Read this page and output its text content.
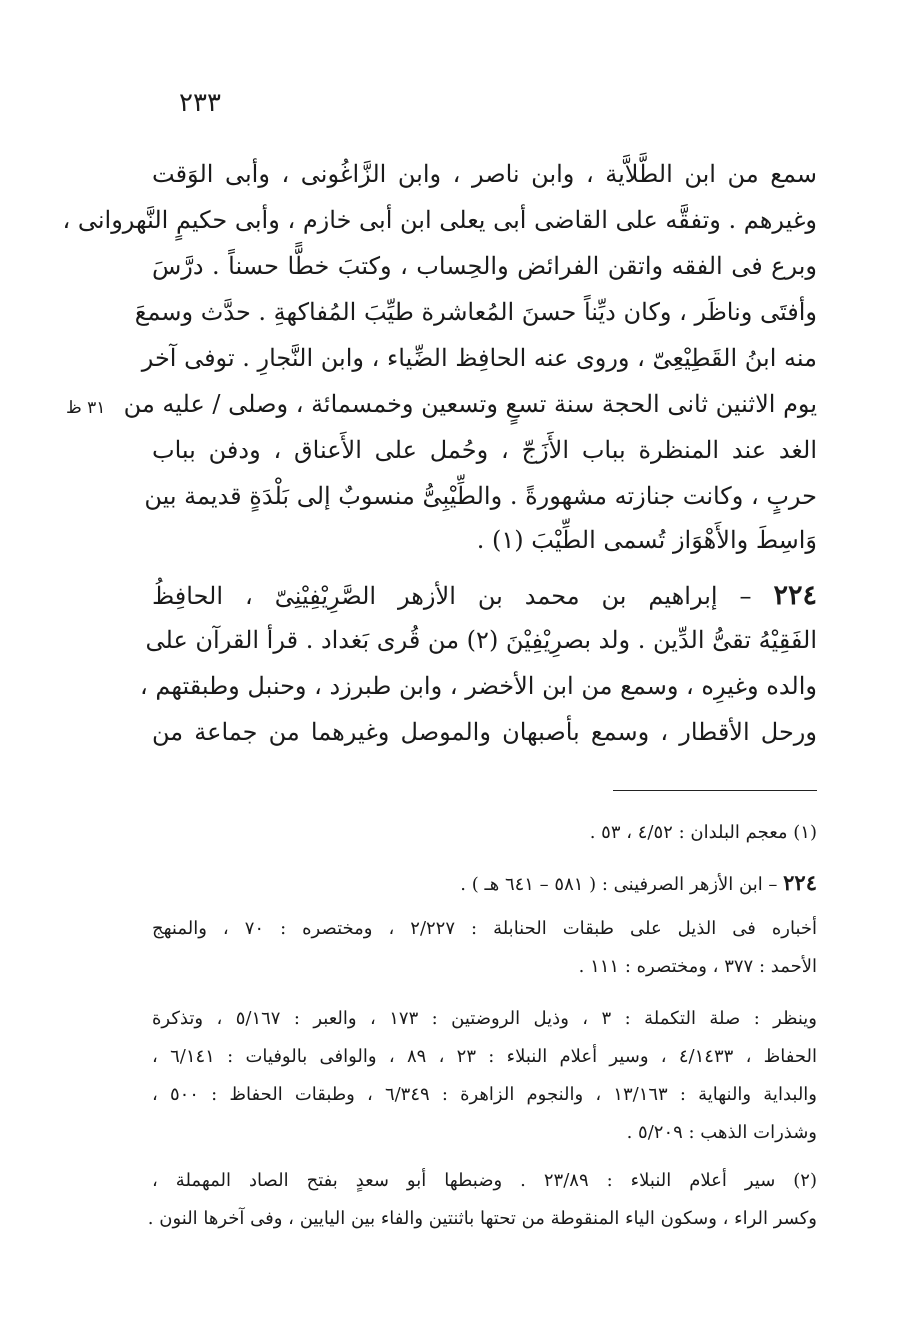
٢٣٣
٣١ ظ
سمع من ابن الطَّلاَّية ، وابن ناصر ، وابن الزَّاغُونى ، وأبى الوَقت
وغيرهم . وتفقَّه على القاضى أبى يعلى ابن أبى خازم ، وأبى حكيمٍ النَّهروانى ،
وبرع فى الفقه واتقن الفرائض والحِساب ، وكتبَ خطًّا حسناً . درَّسَ
وأفتَى وناظَر ، وكان ديِّناً حسنَ المُعاشرة طيِّبَ المُفاكهةِ . حدَّث وسمعَ
منه ابنُ القَطِيْعِىّ ، وروى عنه الحافِظ الضِّياء ، وابن النَّجارِ . توفى آخر
يوم الاثنين ثانى الحجة سنة تسعٍ وتسعين وخمسمائة ، وصلى / عليه من
الغد عند المنظرة بباب الأَزَجّ ، وحُمل على الأَعناق ، ودفن بباب
حربٍ ، وكانت جنازته مشهورةً . والطِّيْبِىُّ منسوبٌ إلى بَلْدَةٍ قديمة بين
وَاسِطَ والأَهْوَاز تُسمى الطِّيْبَ (١) .
٢٢٤ – إبراهيم بن محمد بن الأزهر الصَّرِيْفِيْنِىّ ، الحافِظُ
الفَقِيْهُ تقىُّ الدِّين . ولد بصرِيْفِيْنَ (٢) من قُرى بَغداد . قرأ القرآن على
والده وغيرِه ، وسمع من ابن الأخضر ، وابن طبرزد ، وحنبل وطبقتهم ،
ورحل الأقطار ، وسمع بأصبهان والموصل وغيرهما من جماعة من
(١) معجم البلدان : ٤/٥٢ ، ٥٣ .
٢٢٤ – ابن الأزهر الصرفينى : ( ٥٨١ – ٦٤١ هـ ) .
أخباره فى الذيل على طبقات الحنابلة : ٢/٢٢٧ ، ومختصره : ٧٠ ، والمنهج
الأحمد : ٣٧٧ ، ومختصره : ١١١ .
وينظر : صلة التكملة : ٣ ، وذيل الروضتين : ١٧٣ ، والعبر : ٥/١٦٧ ، وتذكرة
الحفاظ ، ٤/١٤٣٣ ، وسير أعلام النبلاء : ٢٣ ، ٨٩ ، والوافى بالوفيات : ٦/١٤١ ،
والبداية والنهاية : ١٣/١٦٣ ، والنجوم الزاهرة : ٦/٣٤٩ ، وطبقات الحفاظ : ٥٠٠ ،
وشذرات الذهب : ٥/٢٠٩ .
(٢) سير أعلام النبلاء : ٢٣/٨٩ . وضبطها أبو سعدٍ بفتح الصاد المهملة ،
وكسر الراء ، وسكون الياء المنقوطة من تحتها باثنتين والفاء بين اليايين ، وفى آخرها النون .
